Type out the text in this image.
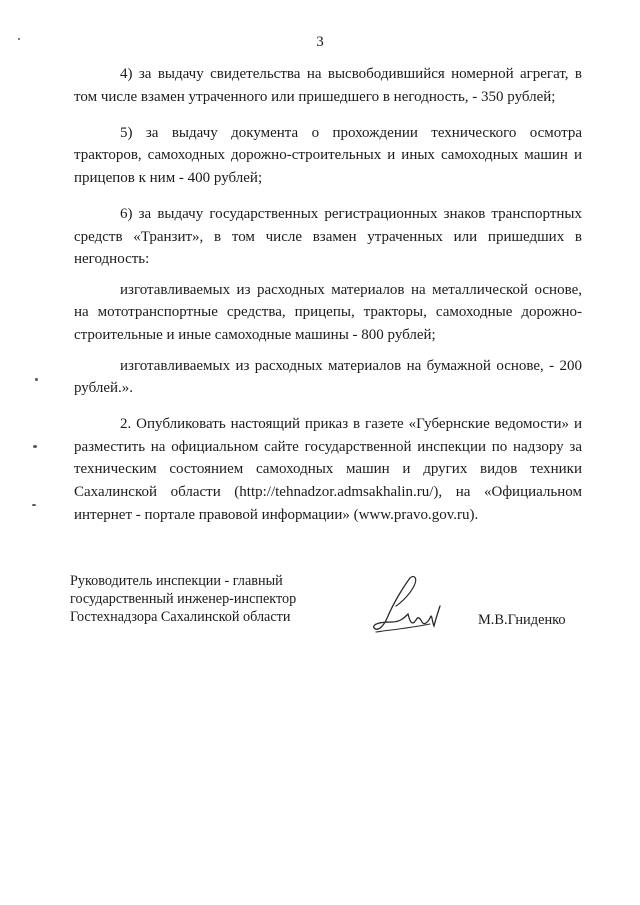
3

4) за выдачу свидетельства на высвободившийся номерной агрегат, в том числе взамен утраченного или пришедшего в негодность, - 350 рублей;

5) за выдачу документа о прохождении технического осмотра тракторов, самоходных дорожно-строительных и иных самоходных машин и прицепов к ним - 400 рублей;

6) за выдачу государственных регистрационных знаков транспортных средств «Транзит», в том числе взамен утраченных или пришедших в негодность:

изготавливаемых из расходных материалов на металлической основе, на мототранспортные средства, прицепы, тракторы, самоходные дорожно-строительные и иные самоходные машины - 800 рублей;

изготавливаемых из расходных материалов на бумажной основе, - 200 рублей.».

2. Опубликовать настоящий приказ в газете «Губернские ведомости» и разместить на официальном сайте государственной инспекции по надзору за техническим состоянием самоходных машин и других видов техники Сахалинской области (http://tehnadzor.admsakhalin.ru/), на «Официальном интернет - портале правовой информации» (www.pravo.gov.ru).

Руководитель инспекции - главный
государственный инженер-инспектор
Гостехнадзора Сахалинской области	М.В.Гниденко
